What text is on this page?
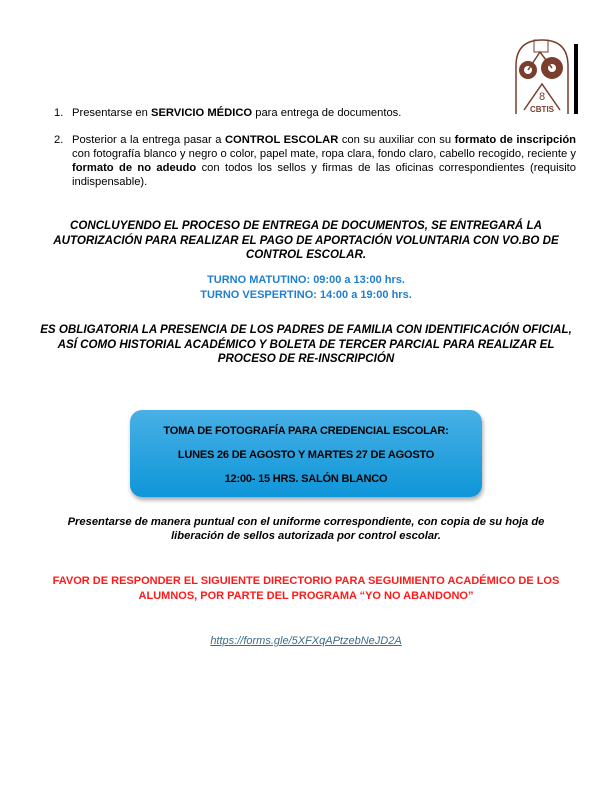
8
CBTIS
1. Presentarse en SERVICIO MÉDICO para entrega de documentos.
2. Posterior a la entrega pasar a CONTROL ESCOLAR con su auxiliar con su formato de inscripción con fotografía blanco y negro o color, papel mate, ropa clara, fondo claro, cabello recogido, reciente y formato de no adeudo con todos los sellos y firmas de las oficinas correspondientes (requisito indispensable).
CONCLUYENDO EL PROCESO DE ENTREGA DE DOCUMENTOS, SE ENTREGARÁ LA AUTORIZACIÓN PARA REALIZAR EL PAGO DE APORTACIÓN VOLUNTARIA CON VO.BO DE CONTROL ESCOLAR.
TURNO MATUTINO: 09:00 a 13:00 hrs.
TURNO VESPERTINO: 14:00 a 19:00 hrs.
ES OBLIGATORIA LA PRESENCIA DE LOS PADRES DE FAMILIA CON IDENTIFICACIÓN OFICIAL, ASÍ COMO HISTORIAL ACADÉMICO Y BOLETA DE TERCER PARCIAL PARA REALIZAR EL PROCESO DE RE-INSCRIPCIÓN
TOMA DE FOTOGRAFÍA PARA CREDENCIAL ESCOLAR:
LUNES 26 DE AGOSTO Y MARTES 27 DE AGOSTO
12:00- 15 HRS. SALÓN BLANCO
Presentarse de manera puntual con el uniforme correspondiente, con copia de su hoja de liberación de sellos autorizada por control escolar.
FAVOR DE RESPONDER EL SIGUIENTE DIRECTORIO PARA SEGUIMIENTO ACADÉMICO DE LOS ALUMNOS, POR PARTE DEL PROGRAMA “YO NO ABANDONO”
https://forms.gle/5XFXqAPtzebNeJD2A
